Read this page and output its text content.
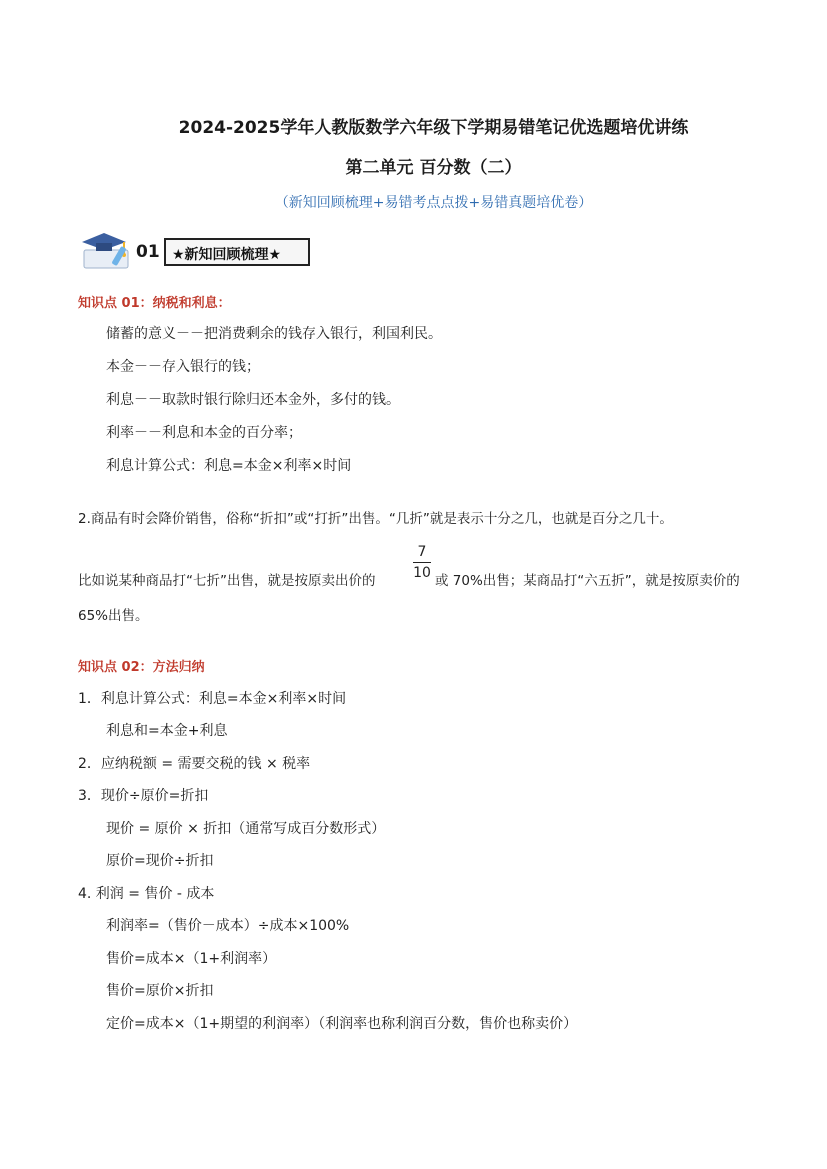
2024-2025学年人教版数学六年级下学期易错笔记优选题培优讲练
第二单元 百分数（二）
（新知回顾梳理+易错考点点拨+易错真题培优卷）
01 ★新知回顾梳理★
知识点 01：纳税和利息：
储蓄的意义－－把消费剩余的钱存入银行，利国利民。
本金－－存入银行的钱；
利息－－取款时银行除归还本金外，多付的钱。
利率－－利息和本金的百分率；
利息计算公式：利息=本金×利率×时间
2.商品有时会降价销售，俗称“折扣”或“打折”出售。“几折”就是表示十分之几，也就是百分之几十。
比如说某种商品打“七折”出售，就是按原卖出价的
7
10 或 70%出售；某商品打“六五折”，就是按原卖价的
65%出售。
知识点 02：方法归纳
1．利息计算公式：利息=本金×利率×时间
利息和=本金+利息
2．应纳税额 = 需要交税的钱 × 税率
3．现价÷原价=折扣
现价 = 原价 × 折扣（通常写成百分数形式）
原价=现价÷折扣
4. 利润 = 售价 - 成本
利润率=（售价－成本）÷成本×100%
售价=成本×（1+利润率）
售价=原价×折扣
定价=成本×（1+期望的利润率）（利润率也称利润百分数，售价也称卖价）
